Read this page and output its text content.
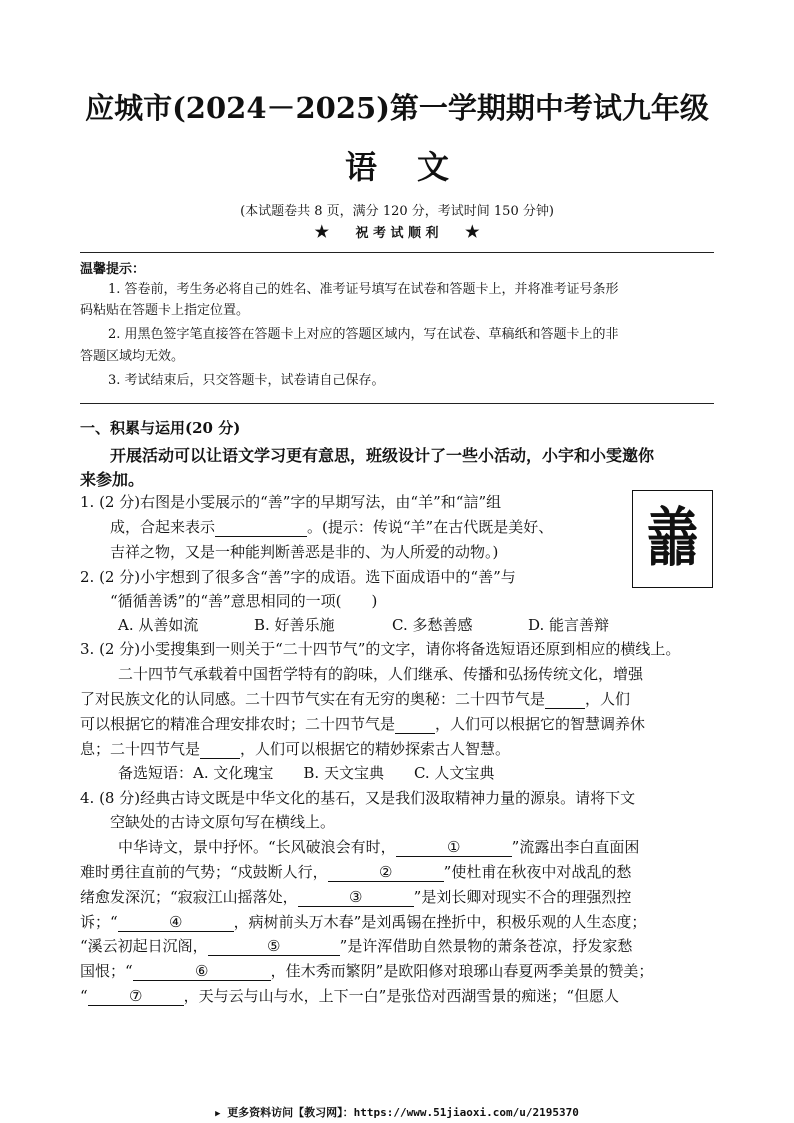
应城市(2024－2025)第一学期期中考试九年级
语文
(本试题卷共 8 页，满分 120 分，考试时间 150 分钟)
★ 祝 考 试 顺 利 ★
温馨提示：
1. 答卷前，考生务必将自己的姓名、准考证号填写在试卷和答题卡上，并将准考证号条形
码粘贴在答题卡上指定位置。
2. 用黑色签字笔直接答在答题卡上对应的答题区域内，写在试卷、草稿纸和答题卡上的非
答题区域均无效。
3. 考试结束后，只交答题卡，试卷请自己保存。
一、积累与运用(20 分)
开展活动可以让语文学习更有意思，班级设计了一些小活动，小宇和小雯邀你
来参加。
1. (2 分)右图是小雯展示的“善”字的早期写法，由“羊”和“誩”组
成，合起来表示	。(提示：传说“羊”在古代既是美好、
吉祥之物，又是一种能判断善恶是非的、为人所爱的动物。) 譱
2. (2 分)小宇想到了很多含“善”字的成语。选下面成语中的“善”与
“循循善诱”的“善”意思相同的一项(　　)
A. 从善如流	B. 好善乐施	C. 多愁善感	D. 能言善辩
3. (2 分)小雯搜集到一则关于“二十四节气”的文字，请你将备选短语还原到相应的横线上。
二十四节气承载着中国哲学特有的韵味，人们继承、传播和弘扬传统文化，增强
了对民族文化的认同感。二十四节气实在有无穷的奥秘：二十四节气是	，人们
可以根据它的精准合理安排农时；二十四节气是	，人们可以根据它的智慧调养休
息；二十四节气是	，人们可以根据它的精妙探索古人智慧。
备选短语：A. 文化瑰宝 B. 天文宝典 C. 人文宝典
4. (8 分)经典古诗文既是中华文化的基石，又是我们汲取精神力量的源泉。请将下文
空缺处的古诗文原句写在横线上。
中华诗文，景中抒怀。“长风破浪会有时，	①	”流露出李白直面困
难时勇往直前的气势；“戍鼓断人行，	②	”使杜甫在秋夜中对战乱的愁
绪愈发深沉；“寂寂江山摇落处，	③	”是刘长卿对现实不合的理强烈控
诉；“	④	，病树前头万木春”是刘禹锡在挫折中，积极乐观的人生态度；
“溪云初起日沉阁，	⑤	”是许浑借助自然景物的萧条苍凉，抒发家愁
国恨；“	⑥	，佳木秀而繁阴”是欧阳修对琅琊山春夏两季美景的赞美；
“	⑦	，天与云与山与水，上下一白”是张岱对西湖雪景的痴迷；“但愿人
▶ 更多资料访问【教习网】：https://www.51jiaoxi.com/u/2195370
